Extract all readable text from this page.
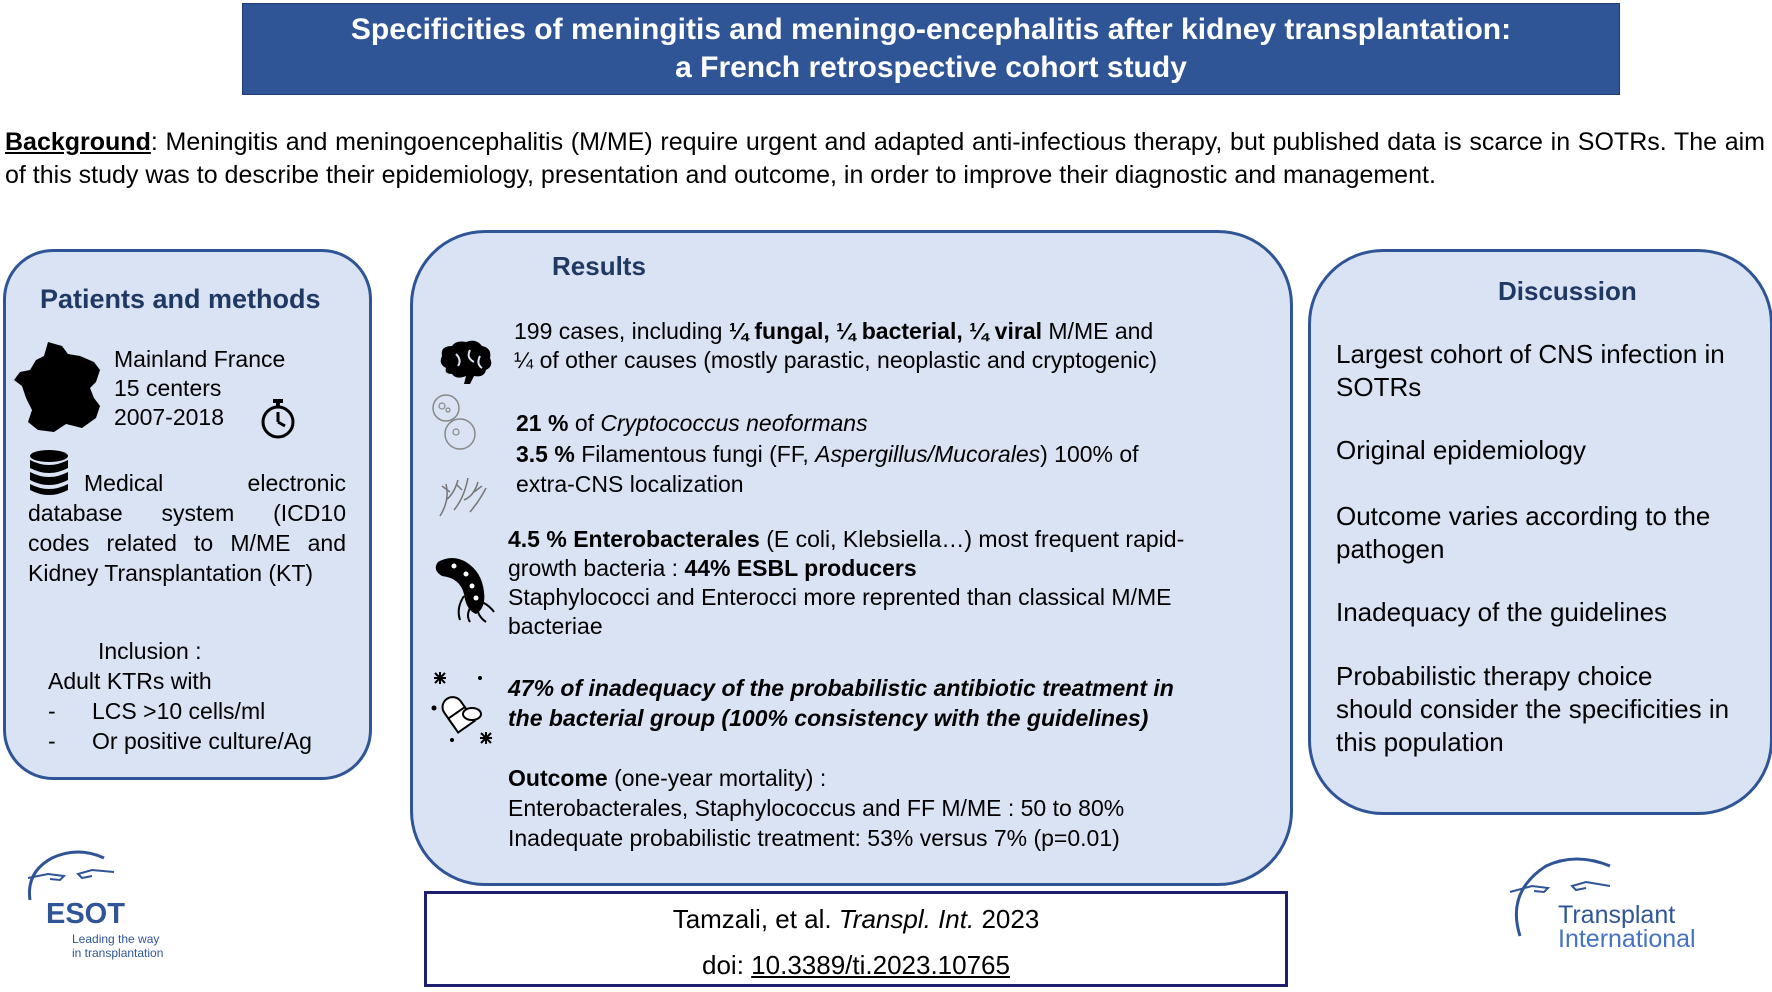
Specificities of meningitis and meningo-encephalitis after kidney transplantation:
a French retrospective cohort study
Background: Meningitis and meningoencephalitis (M/ME) require urgent and adapted anti-infectious therapy, but published data is scarce in SOTRs. The aim of this study was to describe their epidemiology, presentation and outcome, in order to improve their diagnostic and management.
Patients and methods
Mainland France
15 centers
2007-2018
Medical electronic database system (ICD10 codes related to M/ME and Kidney Transplantation (KT)
Inclusion :
Adult KTRs with
- LCS >10 cells/ml
- Or positive culture/Ag
Results
199 cases, including ¼ fungal, ¼ bacterial, ¼ viral M/ME and
¼ of other causes (mostly parastic, neoplastic and cryptogenic)
21 % of Cryptococcus neoformans
3.5 % Filamentous fungi (FF, Aspergillus/Mucorales) 100% of
extra-CNS localization
4.5 % Enterobacterales (E coli, Klebsiella…) most frequent rapid-
growth bacteria : 44% ESBL producers
Staphylococci and Enterocci more reprented than classical M/ME
bacteriae
47% of inadequacy of the probabilistic antibiotic treatment in
the bacterial group (100% consistency with the guidelines)
Outcome (one-year mortality) :
Enterobacterales, Staphylococcus and FF M/ME : 50 to 80%
Inadequate probabilistic treatment: 53% versus 7% (p=0.01)
Discussion
Largest cohort of CNS infection in SOTRs
Original epidemiology
Outcome varies according to the pathogen
Inadequacy of the guidelines
Probabilistic therapy choice should consider the specificities in this population
Tamzali, et al. Transpl. Int. 2023
doi: 10.3389/ti.2023.10765
ESOT
Leading the way
in transplantation
Transplant
International
